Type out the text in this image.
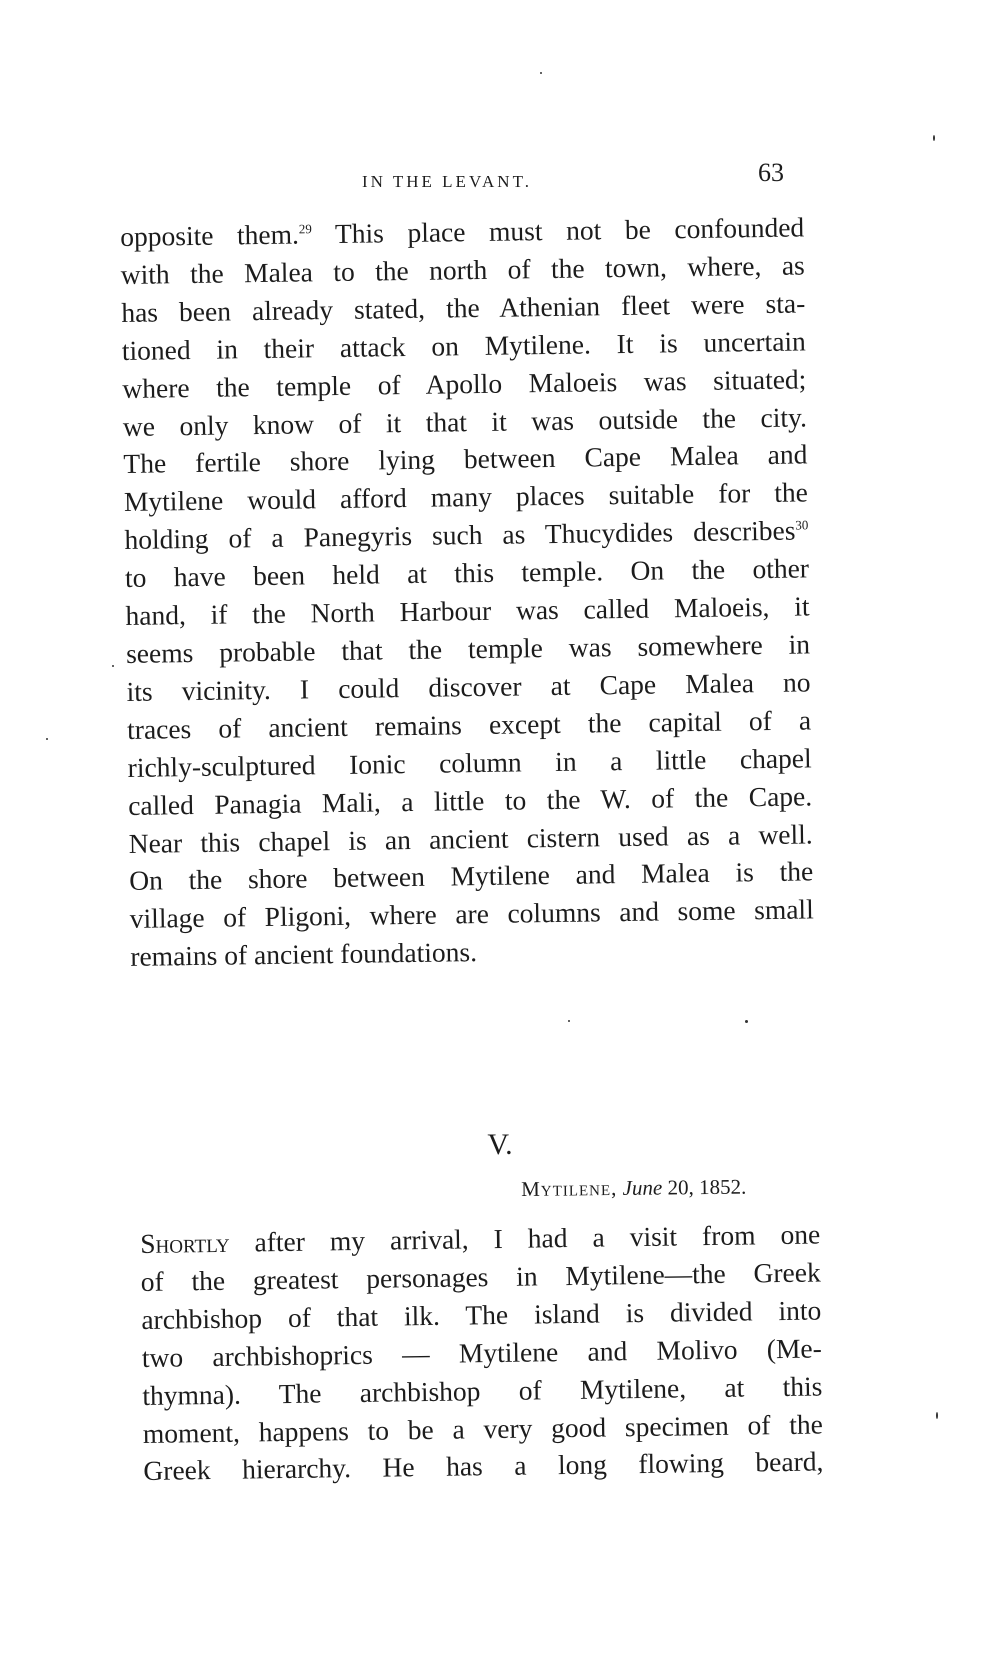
IN THE LEVANT.	63
opposite them.$^{29}$ This place must not be confounded
with the Malea to the north of the town, where, as
has been already stated, the Athenian fleet were sta-
tioned in their attack on Mytilene. It is uncertain
where the temple of Apollo Maloeis was situated;
we only know of it that it was outside the city.
The fertile shore lying between Cape Malea and
Mytilene would afford many places suitable for the
holding of a Panegyris such as Thucydides describes$^{30}$
to have been held at this temple. On the other
hand, if the North Harbour was called Maloeis, it
seems probable that the temple was somewhere in
its vicinity. I could discover at Cape Malea no
traces of ancient remains except the capital of a
richly-sculptured Ionic column in a little chapel
called Panagia Mali, a little to the W. of the Cape.
Near this chapel is an ancient cistern used as a well.
On the shore between Mytilene and Malea is the
village of Pligoni, where are columns and some small
remains of ancient foundations.
V.
Mytilene, June 20, 1852.
Shortly after my arrival, I had a visit from one
of the greatest personages in Mytilene—the Greek
archbishop of that ilk. The island is divided into
two archbishoprics — Mytilene and Molivo (Me-
thymna). The archbishop of Mytilene, at this
moment, happens to be a very good specimen of the
Greek hierarchy. He has a long flowing beard,
